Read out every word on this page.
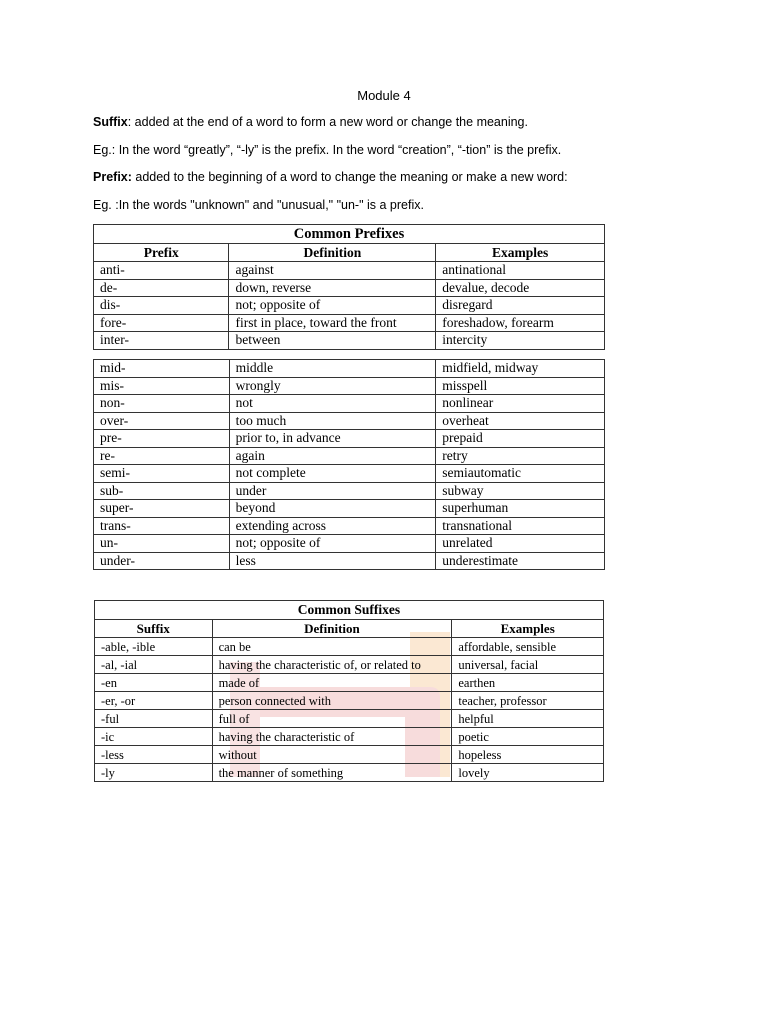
Module 4
Suffix: added at the end of a word to form a new word or change the meaning.
Eg.: In the word “greatly”, “-ly” is the prefix. In the word “creation”, “-tion” is the prefix.
Prefix: added to the beginning of a word to change the meaning or make a new word:
Eg. :In the words "unknown" and "unusual," "un-" is a prefix.
Common Prefixes		
Prefix	Definition	Examples
anti-	against	antinational
de-	down, reverse	devalue, decode
dis-	not; opposite of	disregard
fore-	first in place, toward the front	foreshadow, forearm
inter-	between	intercity
mid-	middle	midfield, midway
mis-	wrongly	misspell
non-	not	nonlinear
over-	too much	overheat
pre-	prior to, in advance	prepaid
re-	again	retry
semi-	not complete	semiautomatic
sub-	under	subway
super-	beyond	superhuman
trans-	extending across	transnational
un-	not; opposite of	unrelated
under-	less	underestimate
Common Suffixes		
Suffix	Definition	Examples
-able, -ible	can be	affordable, sensible
-al, -ial	having the characteristic of, or related to	universal, facial
-en	made of	earthen
-er, -or	person connected with	teacher, professor
-ful	full of	helpful
-ic	having the characteristic of	poetic
-less	without	hopeless
-ly	the manner of something	lovely
